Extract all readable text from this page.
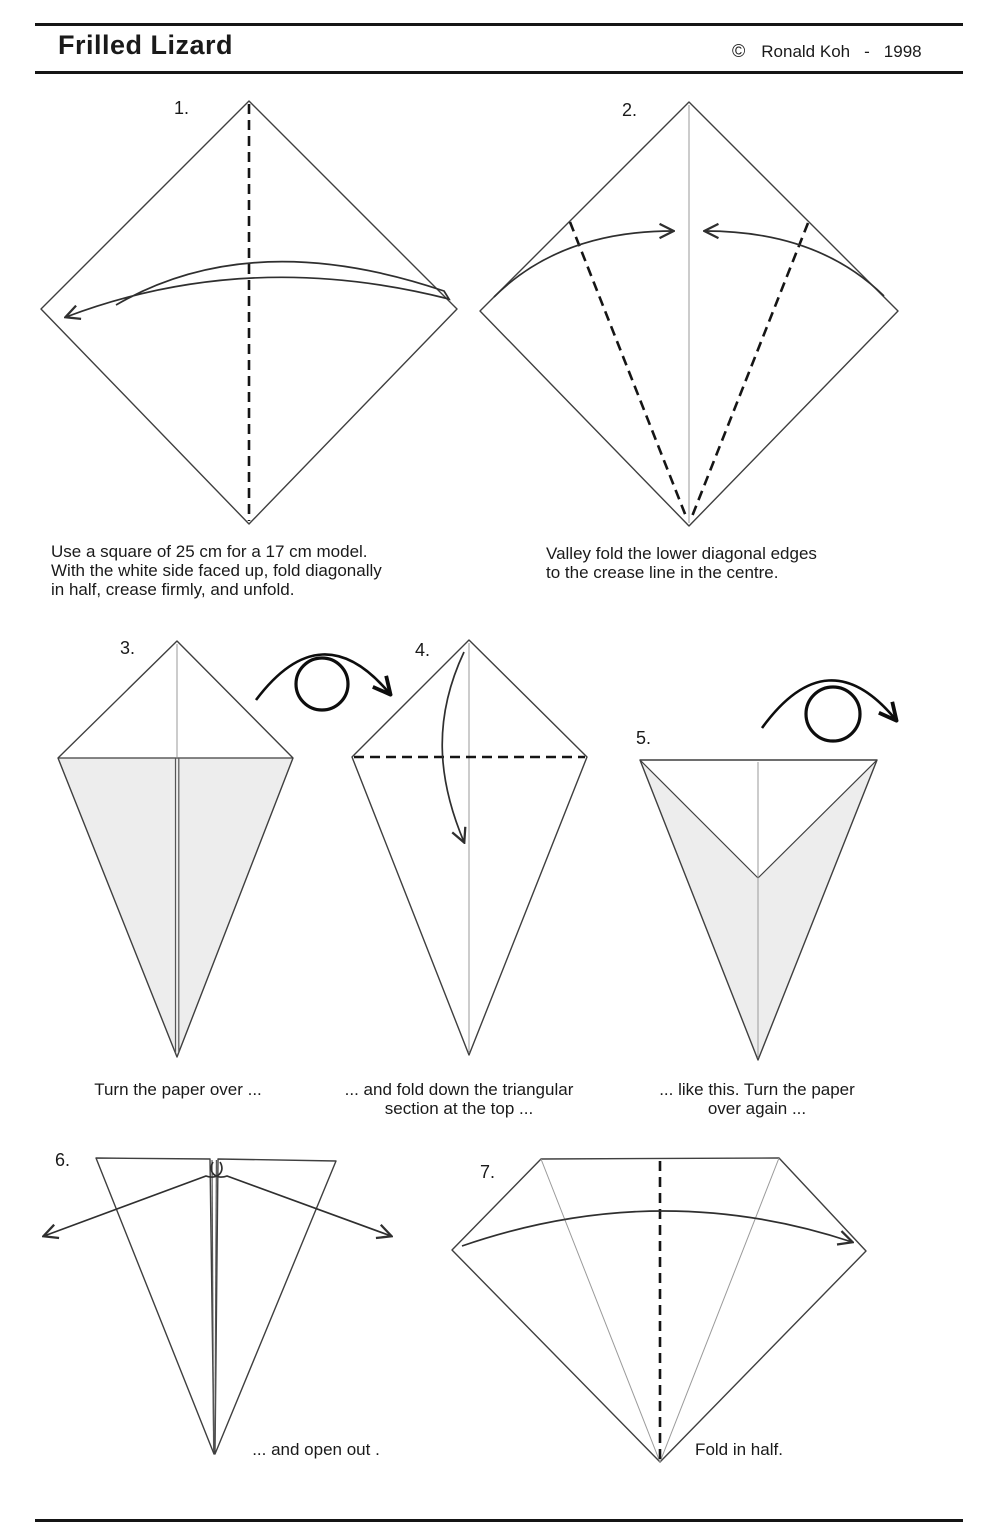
Frilled Lizard	© Ronald Koh - 1998
1.	2.
3.	4.
5.
6.
7.
Use a square of 25 cm for a 17 cm model.
With the white side faced up, fold diagonally
in half, crease firmly, and unfold.
Valley fold the lower diagonal edges
to the crease line in the centre.
Turn the paper over ...	... and fold down the triangular
section at the top ...
... like this. Turn the paper
over again ...
... and open out .	Fold in half.
